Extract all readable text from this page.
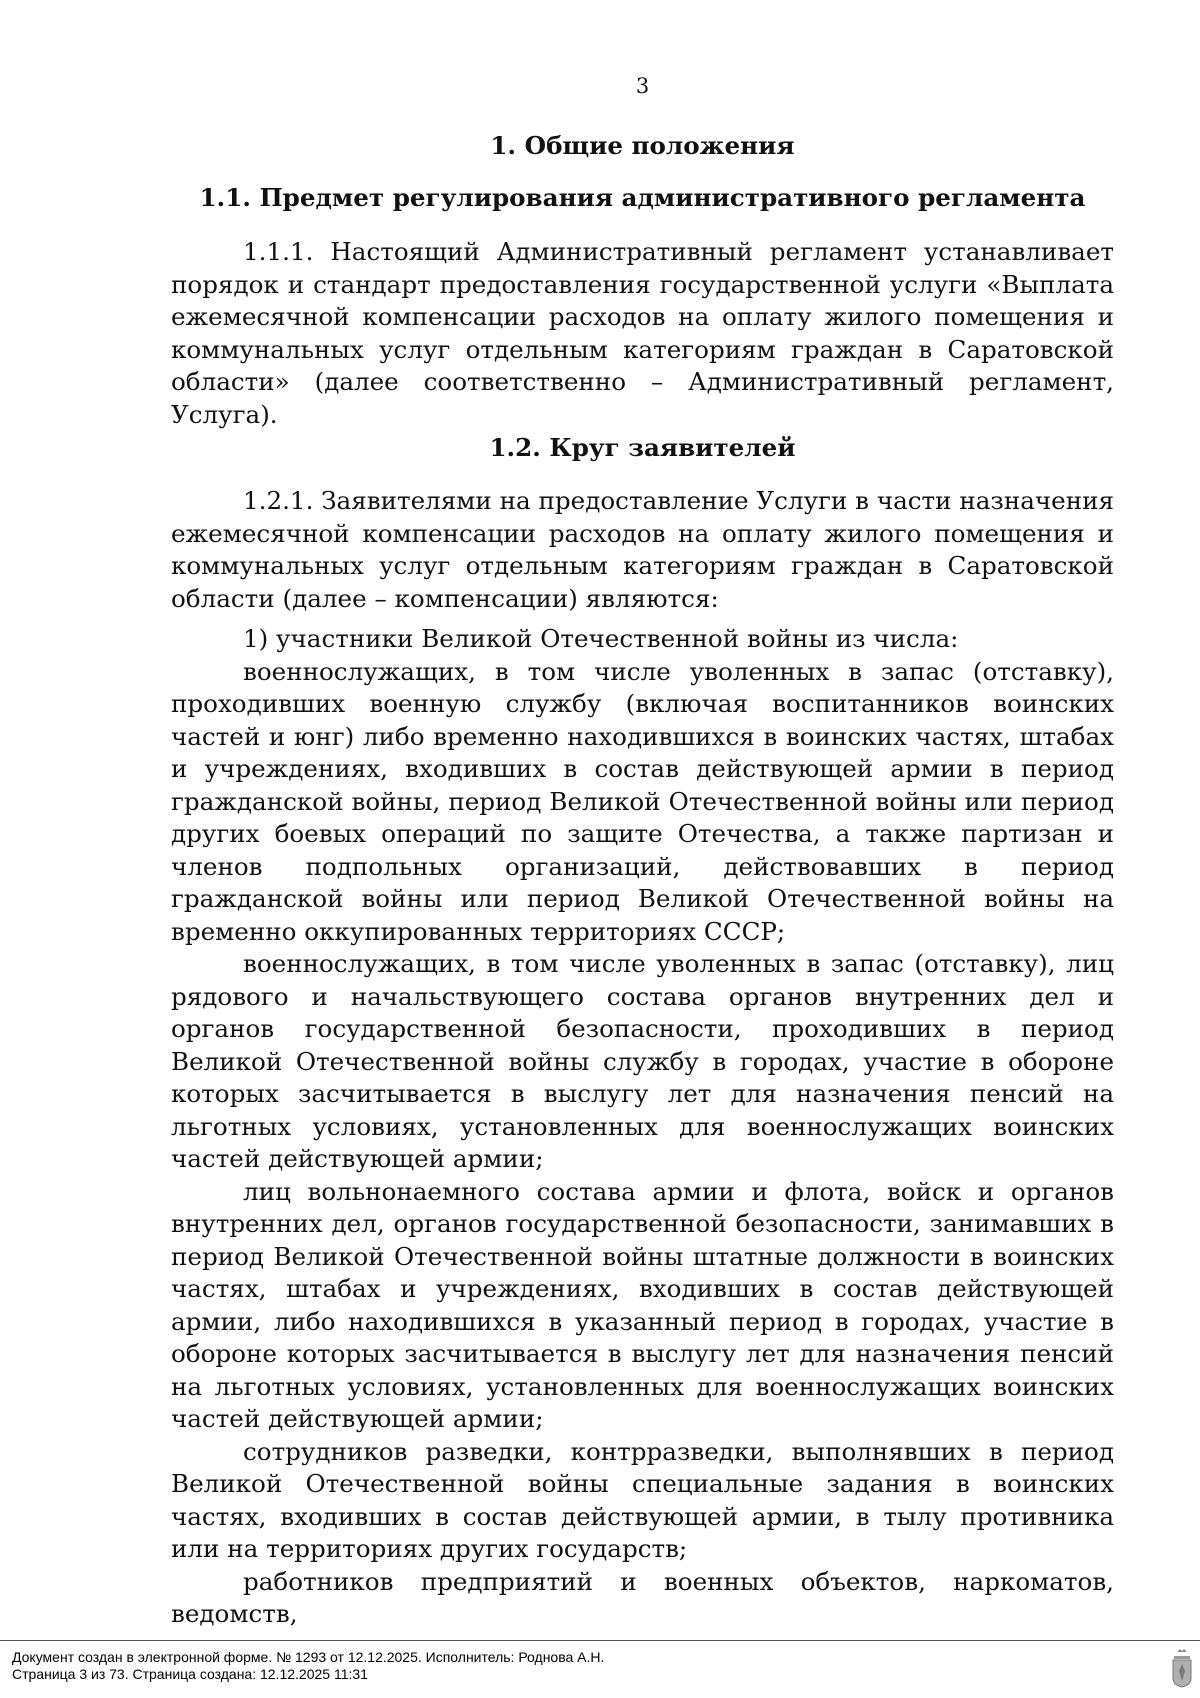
3
1. Общие положения
1.1. Предмет регулирования административного регламента

1.1.1. Настоящий Административный регламент устанавливает порядок и стандарт предоставления государственной услуги «Выплата ежемесячной компенсации расходов на оплату жилого помещения и коммунальных услуг отдельным категориям граждан в Саратовской области» (далее соответственно – Административный регламент, Услуга).

1.2. Круг заявителей

1.2.1. Заявителями на предоставление Услуги в части назначения ежемесячной компенсации расходов на оплату жилого помещения и коммунальных услуг отдельным категориям граждан в Саратовской области (далее – компенсации) являются:

1) участники Великой Отечественной войны из числа:

военнослужащих, в том числе уволенных в запас (отставку), проходивших военную службу (включая воспитанников воинских частей и юнг) либо временно находившихся в воинских частях, штабах и учреждениях, входивших в состав действующей армии в период гражданской войны, период Великой Отечественной войны или период других боевых операций по защите Отечества, а также партизан и членов подпольных организаций, действовавших в период гражданской войны или период Великой Отечественной войны на временно оккупированных территориях СССР;

военнослужащих, в том числе уволенных в запас (отставку), лиц рядового и начальствующего состава органов внутренних дел и органов государственной безопасности, проходивших в период Великой Отечественной войны службу в городах, участие в обороне которых засчитывается в выслугу лет для назначения пенсий на льготных условиях, установленных для военнослужащих воинских частей действующей армии;

лиц вольнонаемного состава армии и флота, войск и органов внутренних дел, органов государственной безопасности, занимавших в период Великой Отечественной войны штатные должности в воинских частях, штабах и учреждениях, входивших в состав действующей армии, либо находившихся в указанный период в городах, участие в обороне которых засчитывается в выслугу лет для назначения пенсий на льготных условиях, установленных для военнослужащих воинских частей действующей армии;

сотрудников разведки, контрразведки, выполнявших в период Великой Отечественной войны специальные задания в воинских частях, входивших в состав действующей армии, в тылу противника или на территориях других государств;

работников предприятий и военных объектов, наркоматов, ведомств,

Документ создан в электронной форме. № 1293 от 12.12.2025. Исполнитель: Роднова А.Н.
Страница 3 из 73. Страница создана: 12.12.2025 11:31
